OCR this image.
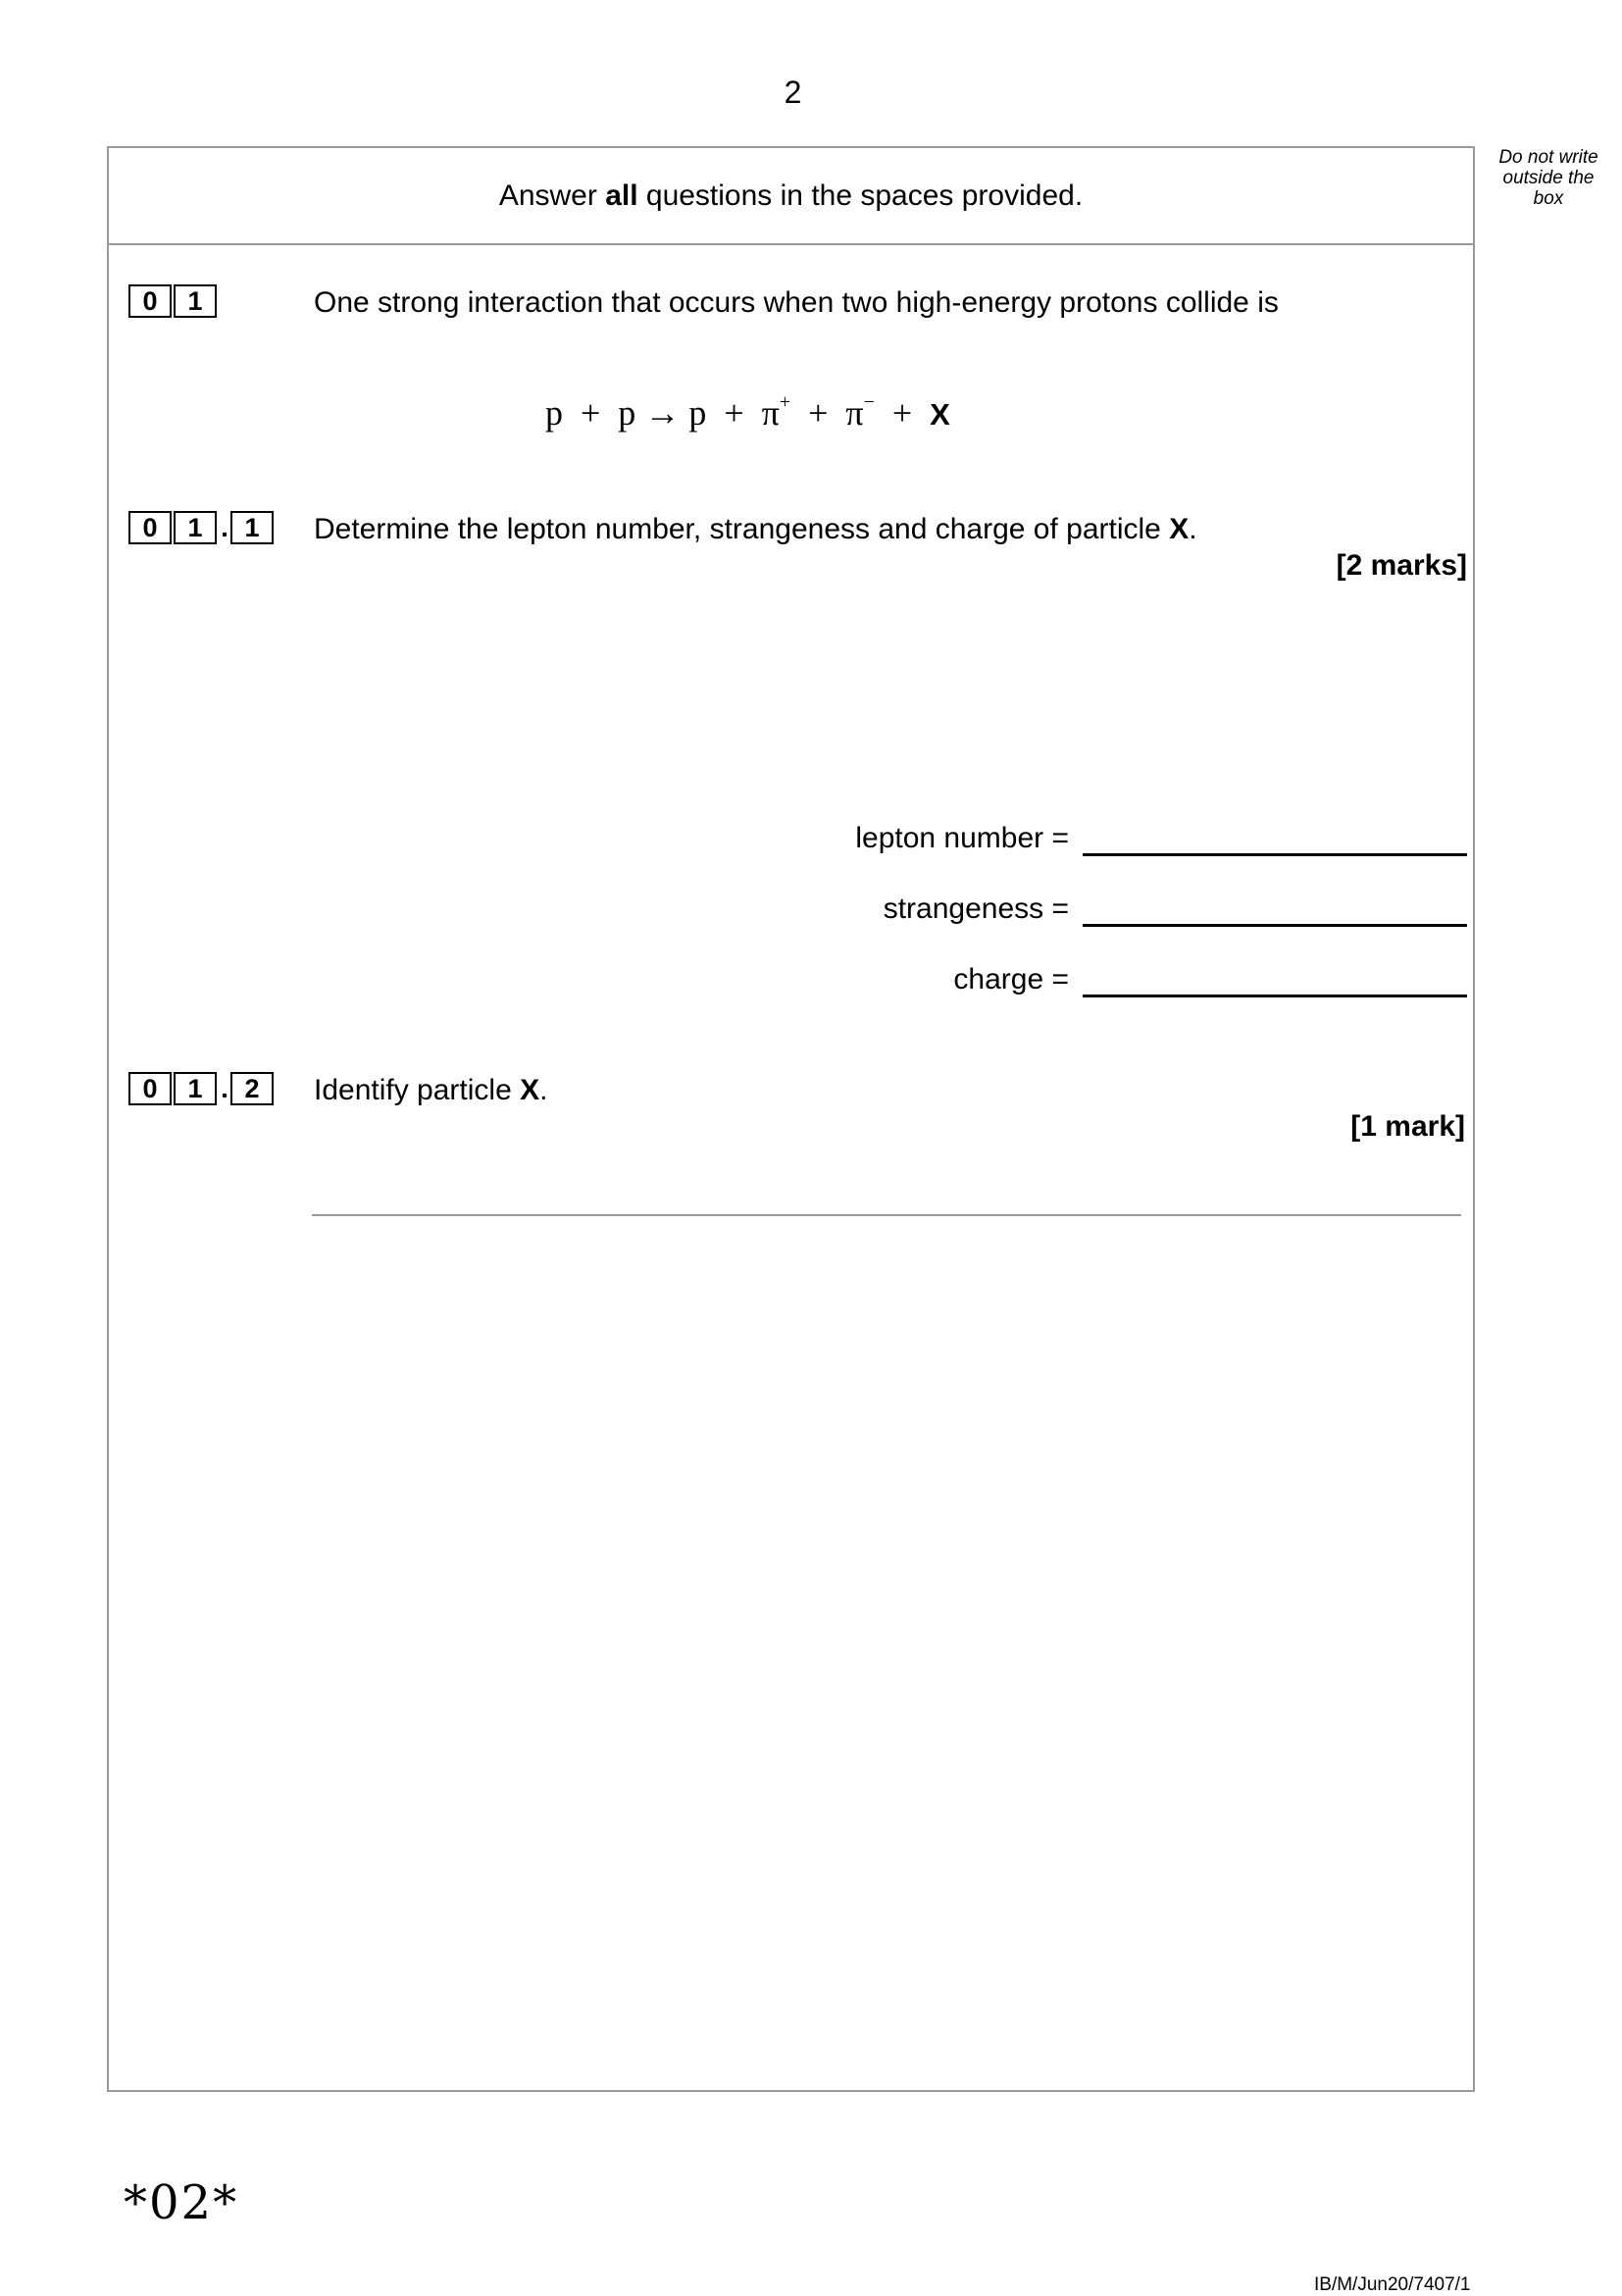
2
Do not write
outside the
box
Answer all questions in the spaces provided.
0	1	One strong interaction that occurs when two high-energy protons collide is
p  +  p → p  +  π+  +  π−  +  X
0	1 . 1	Determine the lepton number, strangeness and charge of particle X.
[2 marks]
lepton number =
strangeness =
charge =
0	1 . 2	Identify particle X.
[1 mark]
*02*
IB/M/Jun20/7407/1
